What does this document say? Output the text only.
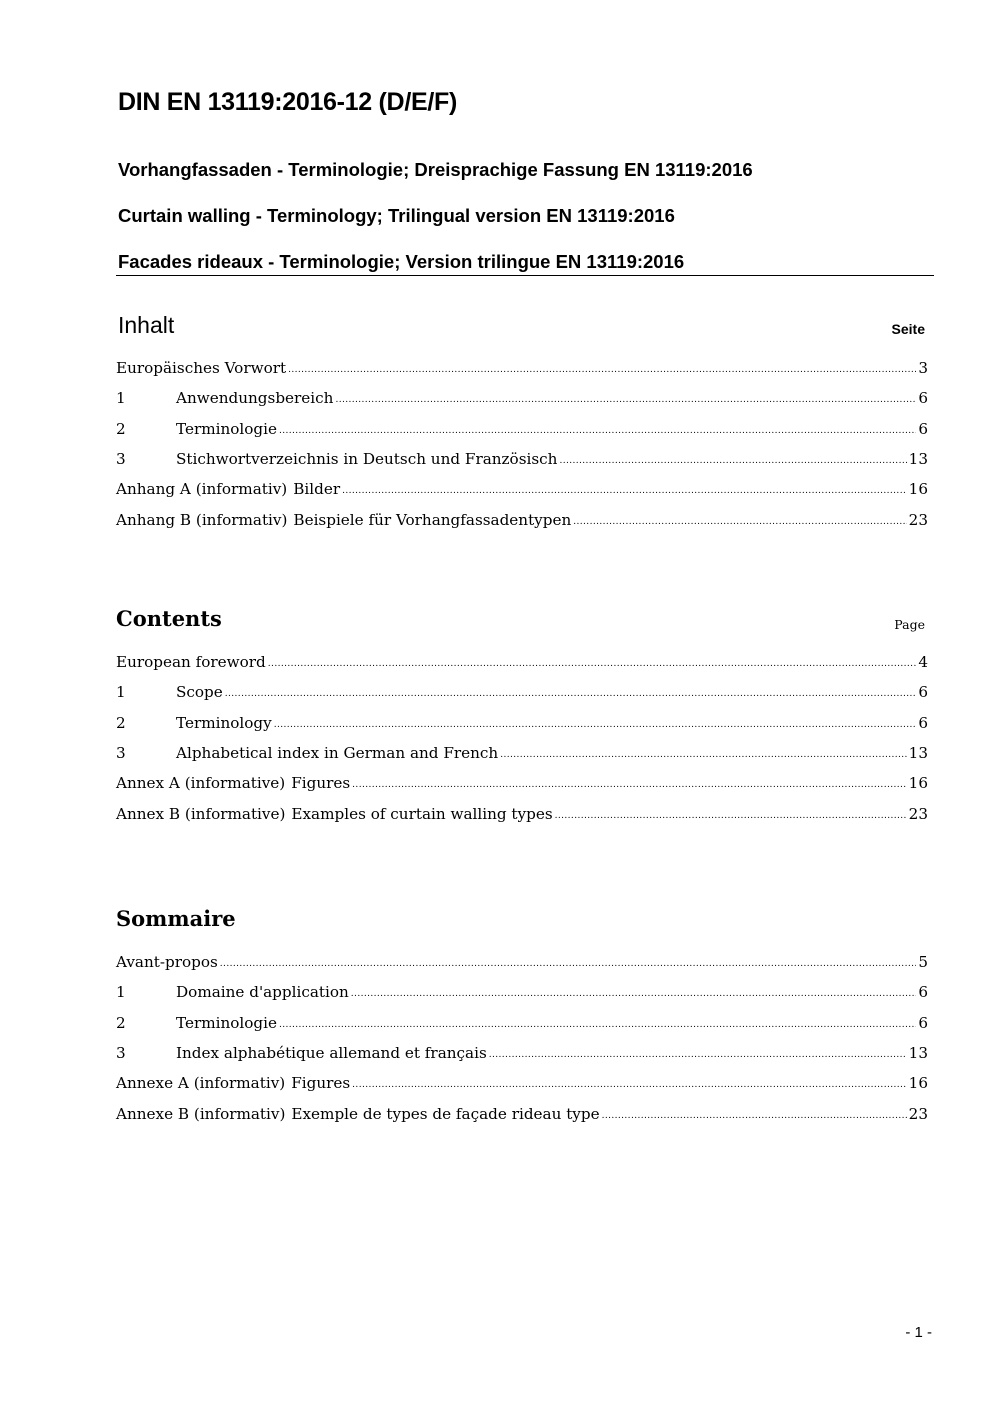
DIN EN 13119:2016-12 (D/E/F)
Vorhangfassaden - Terminologie; Dreisprachige Fassung EN 13119:2016
Curtain walling - Terminology; Trilingual version EN 13119:2016
Facades rideaux - Terminologie; Version trilingue EN 13119:2016
Inhalt	Seite
Europäisches Vorwort .....	3
1	Anwendungsbereich .....	6
2	Terminologie .....	6
3	Stichwortverzeichnis in Deutsch und Französisch .....	13
Anhang A (informativ) Bilder .....	16
Anhang B (informativ) Beispiele für Vorhangfassadentypen .....	23
Contents	Page
European foreword .....	4
1	Scope .....	6
2	Terminology .....	6
3	Alphabetical index in German and French .....	13
Annex A (informative) Figures .....	16
Annex B (informative) Examples of curtain walling types .....	23
Sommaire
Avant-propos .....	5
1	Domaine d'application .....	6
2	Terminologie .....	6
3	Index alphabétique allemand et français .....	13
Annexe A (informativ) Figures .....	16
Annexe B (informativ) Exemple de types de façade rideau type .....	23
- 1 -
